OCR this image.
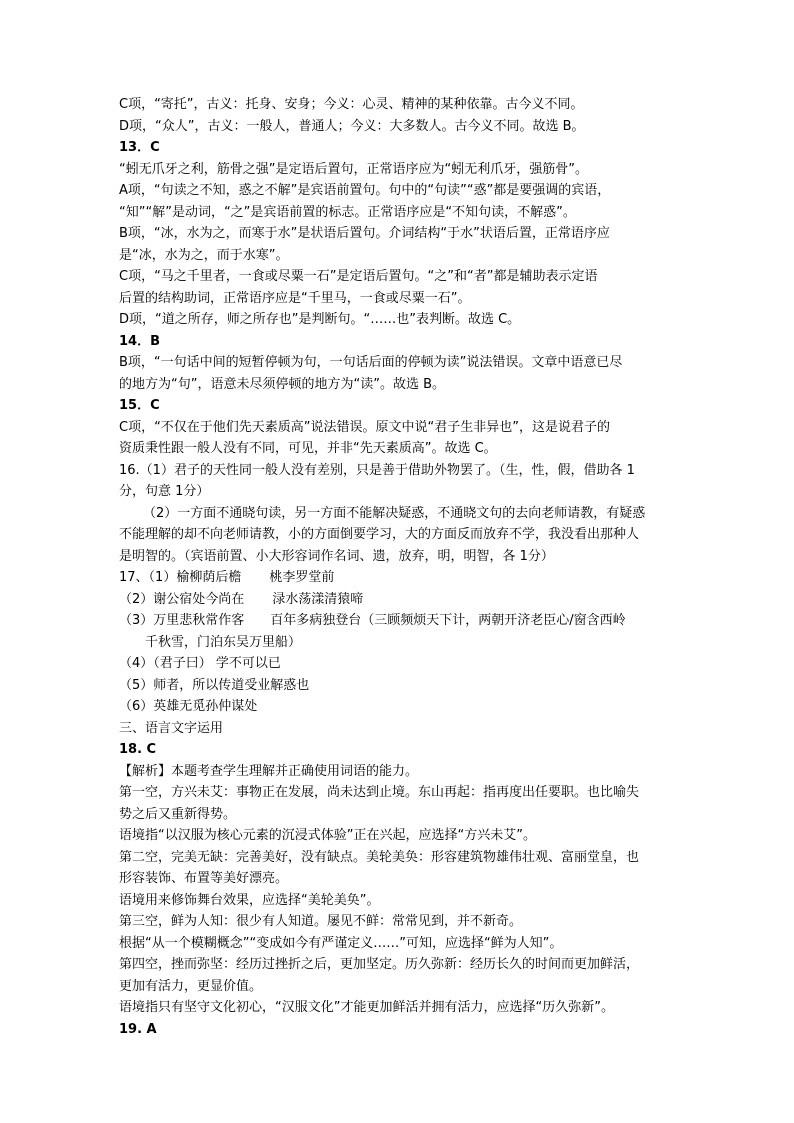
C项，“寄托”，古义：托身、安身；今义：心灵、精神的某种依靠。古今义不同。
D项，“众人”，古义：一般人，普通人；今义：大多数人。古今义不同。故选 B。
13．C
“蚓无爪牙之利，筋骨之强”是定语后置句，正常语序应为“蚓无利爪牙，强筋骨”。
A项，“句读之不知，惑之不解”是宾语前置句。句中的“句读”“惑”都是要强调的宾语，
“知”“解”是动词，“之”是宾语前置的标志。正常语序应是“不知句读，不解惑”。
B项，“冰，水为之，而寒于水”是状语后置句。介词结构“于水”状语后置，正常语序应
是“冰，水为之，而于水寒”。
C项，“马之千里者，一食或尽粟一石”是定语后置句。“之”和“者”都是辅助表示定语
后置的结构助词，正常语序应是“千里马，一食或尽粟一石”。
D项，“道之所存，师之所存也”是判断句。“……也”表判断。故选 C。
14．B
B项，“一句话中间的短暂停顿为句，一句话后面的停顿为读”说法错误。文章中语意已尽
的地方为“句”，语意未尽须停顿的地方为“读”。故选 B。
15．C
C项，“不仅在于他们先天素质高”说法错误。原文中说“君子生非异也”，这是说君子的
资质秉性跟一般人没有不同，可见，并非“先天素质高”。故选 C。
16.（1）君子的天性同一般人没有差别，只是善于借助外物罢了。（生，性，假，借助各 1
分，句意 1分）
（2）一方面不通晓句读，另一方面不能解决疑惑，不通晓文句的去向老师请教，有疑惑
不能理解的却不向老师请教，小的方面倒要学习，大的方面反而放弃不学，我没看出那种人
是明智的。（宾语前置、小大形容词作名词、遗，放弃，明，明智，各 1分）
17、（1）榆柳荫后檐 桃李罗堂前
（2）谢公宿处今尚在 渌水荡漾清猿啼
（3）万里悲秋常作客 百年多病独登台（三顾频烦天下计，两朝开济老臣心/窗含西岭
千秋雪，门泊东吴万里船）
（4）（君子曰） 学不可以已
（5）师者，所以传道受业解惑也
（6）英雄无觅孙仲谋处
三、语言文字运用
18. C
【解析】本题考查学生理解并正确使用词语的能力。
第一空，方兴未艾：事物正在发展，尚未达到止境。东山再起：指再度出任要职。也比喻失
势之后又重新得势。
语境指“以汉服为核心元素的沉浸式体验”正在兴起，应选择“方兴未艾”。
第二空，完美无缺：完善美好，没有缺点。美轮美奂：形容建筑物雄伟壮观、富丽堂皇，也
形容装饰、布置等美好漂亮。
语境用来修饰舞台效果，应选择“美轮美奂”。
第三空，鲜为人知：很少有人知道。屡见不鲜：常常见到，并不新奇。
根据“从一个模糊概念”“变成如今有严谨定义……”可知，应选择“鲜为人知”。
第四空，挫而弥坚：经历过挫折之后，更加坚定。历久弥新：经历长久的时间而更加鲜活，
更加有活力，更显价值。
语境指只有坚守文化初心，“汉服文化”才能更加鲜活并拥有活力，应选择“历久弥新”。
19. A
